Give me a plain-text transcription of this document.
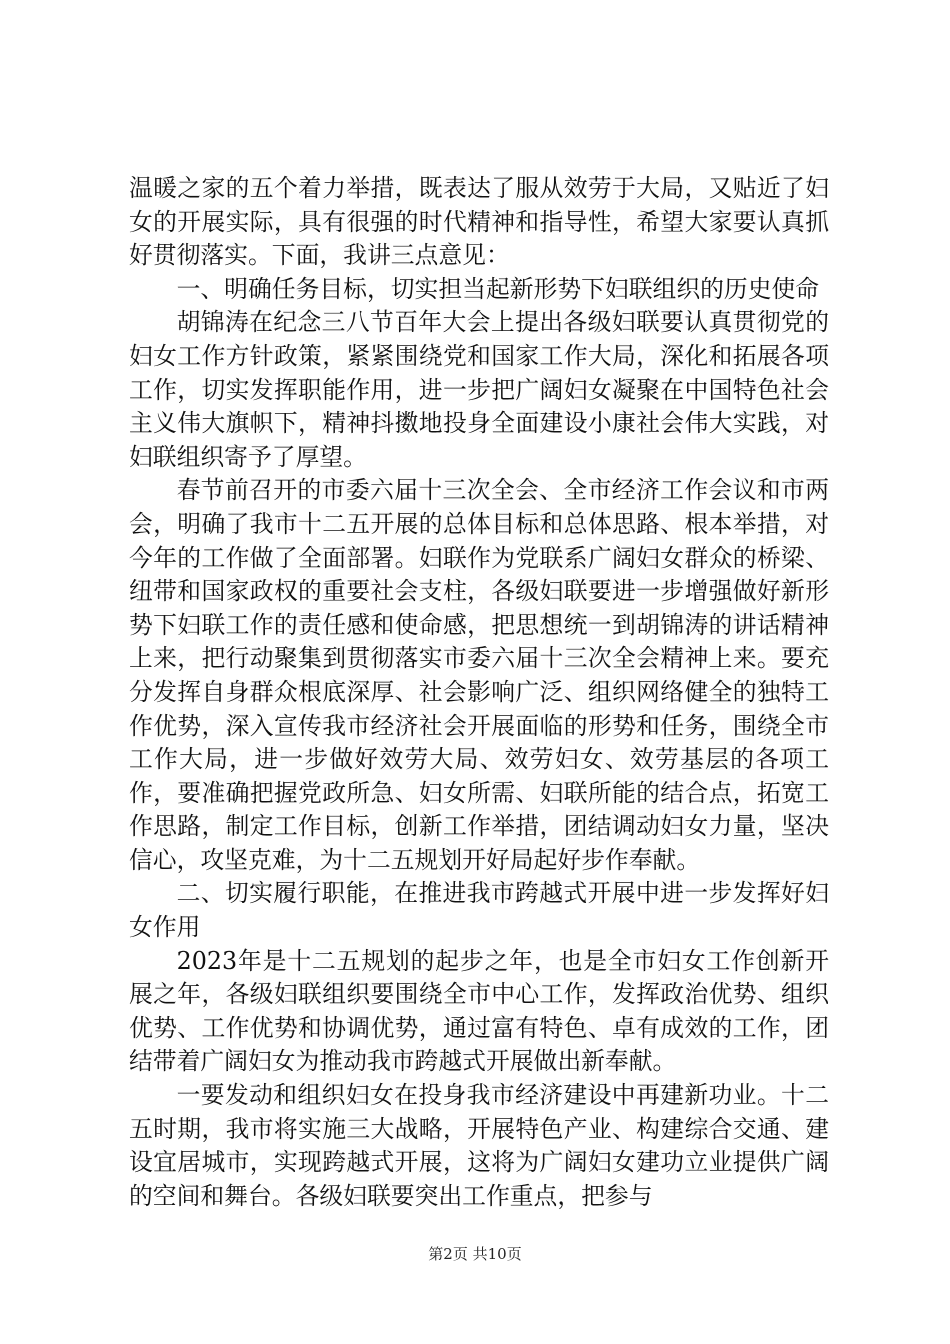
温暖之家的五个着力举措，既表达了服从效劳于大局，又贴近了妇女的开展实际，具有很强的时代精神和指导性，希望大家要认真抓好贯彻落实。下面，我讲三点意见：

一、明确任务目标，切实担当起新形势下妇联组织的历史使命

胡锦涛在纪念三八节百年大会上提出各级妇联要认真贯彻党的妇女工作方针政策，紧紧围绕党和国家工作大局，深化和拓展各项工作，切实发挥职能作用，进一步把广阔妇女凝聚在中国特色社会主义伟大旗帜下，精神抖擞地投身全面建设小康社会伟大实践，对妇联组织寄予了厚望。

春节前召开的市委六届十三次全会、全市经济工作会议和市两会，明确了我市十二五开展的总体目标和总体思路、根本举措，对今年的工作做了全面部署。妇联作为党联系广阔妇女群众的桥梁、纽带和国家政权的重要社会支柱，各级妇联要进一步增强做好新形势下妇联工作的责任感和使命感，把思想统一到胡锦涛的讲话精神上来，把行动聚集到贯彻落实市委六届十三次全会精神上来。要充分发挥自身群众根底深厚、社会影响广泛、组织网络健全的独特工作优势，深入宣传我市经济社会开展面临的形势和任务，围绕全市工作大局，进一步做好效劳大局、效劳妇女、效劳基层的各项工作，要准确把握党政所急、妇女所需、妇联所能的结合点，拓宽工作思路，制定工作目标，创新工作举措，团结调动妇女力量，坚决信心，攻坚克难，为十二五规划开好局起好步作奉献。

二、切实履行职能，在推进我市跨越式开展中进一步发挥好妇女作用

2023年是十二五规划的起步之年，也是全市妇女工作创新开展之年，各级妇联组织要围绕全市中心工作，发挥政治优势、组织优势、工作优势和协调优势，通过富有特色、卓有成效的工作，团结带着广阔妇女为推动我市跨越式开展做出新奉献。

一要发动和组织妇女在投身我市经济建设中再建新功业。十二五时期，我市将实施三大战略，开展特色产业、构建综合交通、建设宜居城市，实现跨越式开展，这将为广阔妇女建功立业提供广阔的空间和舞台。各级妇联要突出工作重点，把参与

第2页 共10页
